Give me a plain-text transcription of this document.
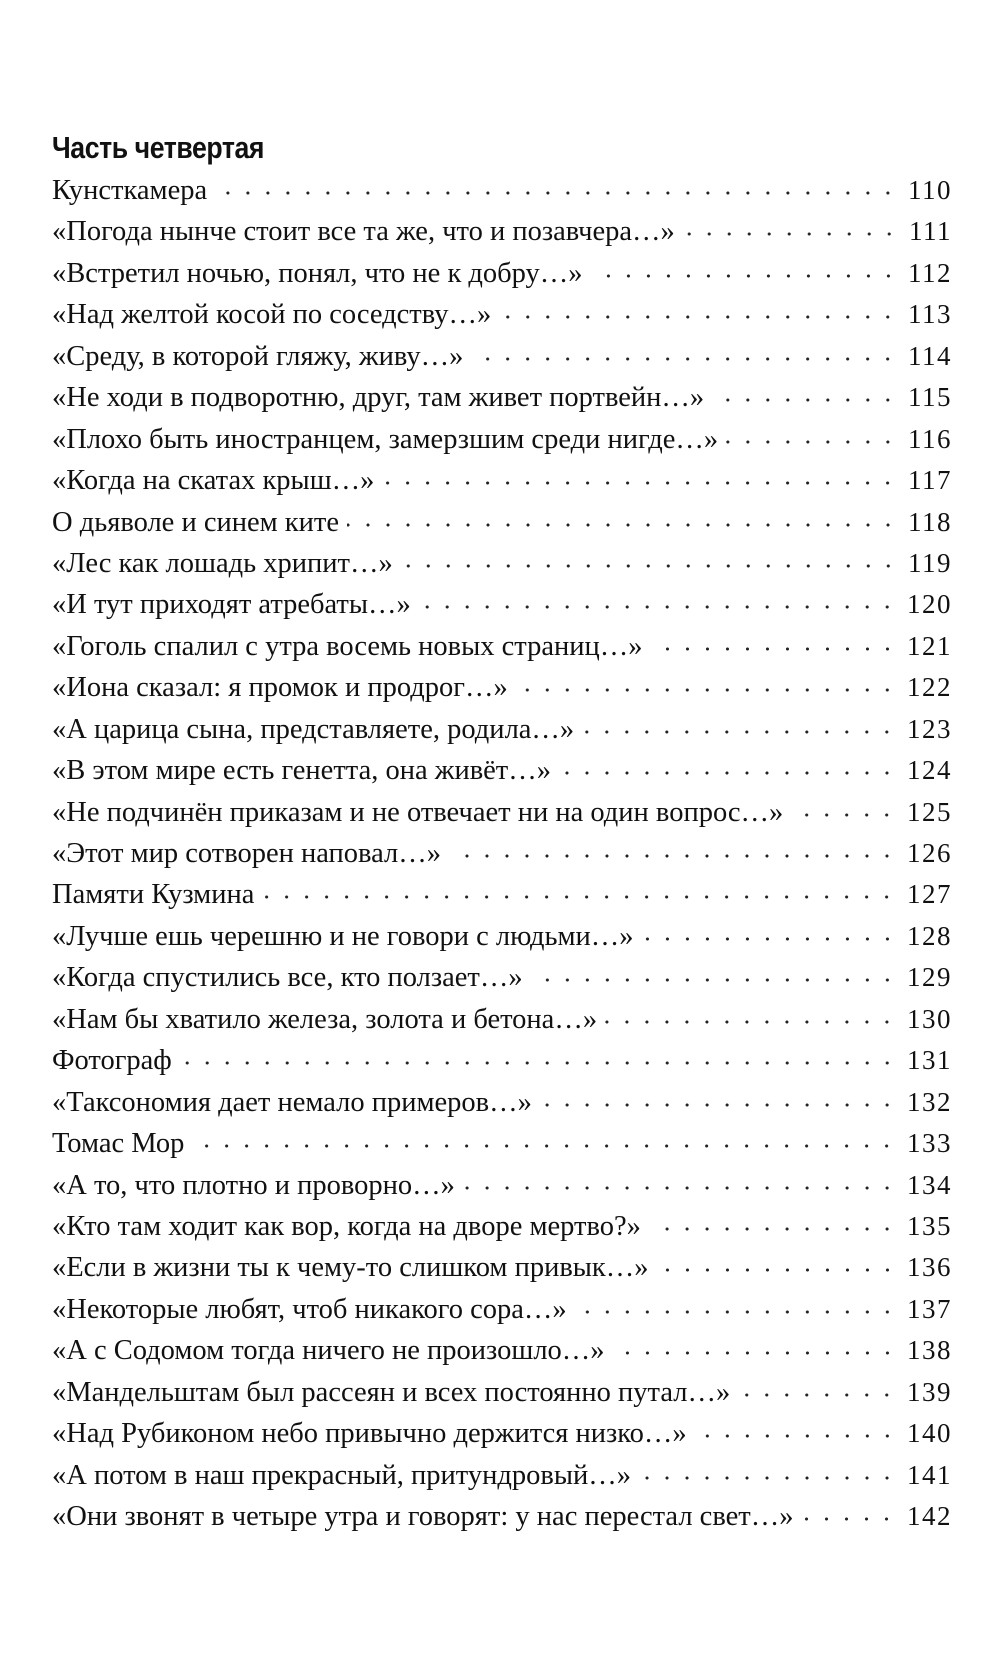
Часть четвертая
Кунсткамера	110
«Погода нынче стоит все та же, что и позавчера…»	111
«Встретил ночью, понял, что не к добру…»	112
«Над желтой косой по соседству…»	113
«Среду, в которой гляжу, живу…»	114
«Не ходи в подворотню, друг, там живет портвейн…»	115
«Плохо быть иностранцем, замерзшим среди нигде…»	116
«Когда на скатах крыш…»	117
О дьяволе и синем ките	118
«Лес как лошадь хрипит…»	119
«И тут приходят атребаты…»	120
«Гоголь спалил с утра восемь новых страниц…»	121
«Иона сказал: я промок и продрог…»	122
«А царица сына, представляете, родила…»	123
«В этом мире есть генетта, она живёт…»	124
«Не подчинён приказам и не отвечает ни на один вопрос…»	125
«Этот мир сотворен наповал…»	126
Памяти Кузмина	127
«Лучше ешь черешню и не говори с людьми…»	128
«Когда спустились все, кто ползает…»	129
«Нам бы хватило железа, золота и бетона…»	130
Фотограф	131
«Таксономия дает немало примеров…»	132
Томас Мор	133
«А то, что плотно и проворно…»	134
«Кто там ходит как вор, когда на дворе мертво?»	135
«Если в жизни ты к чему-то слишком привык…»	136
«Некоторые любят, чтоб никакого сора…»	137
«А с Содомом тогда ничего не произошло…»	138
«Мандельштам был рассеян и всех постоянно путал…»	139
«Над Рубиконом небо привычно держится низко…»	140
«А потом в наш прекрасный, притундровый…»	141
«Они звонят в четыре утра и говорят: у нас перестал свет…»	142
